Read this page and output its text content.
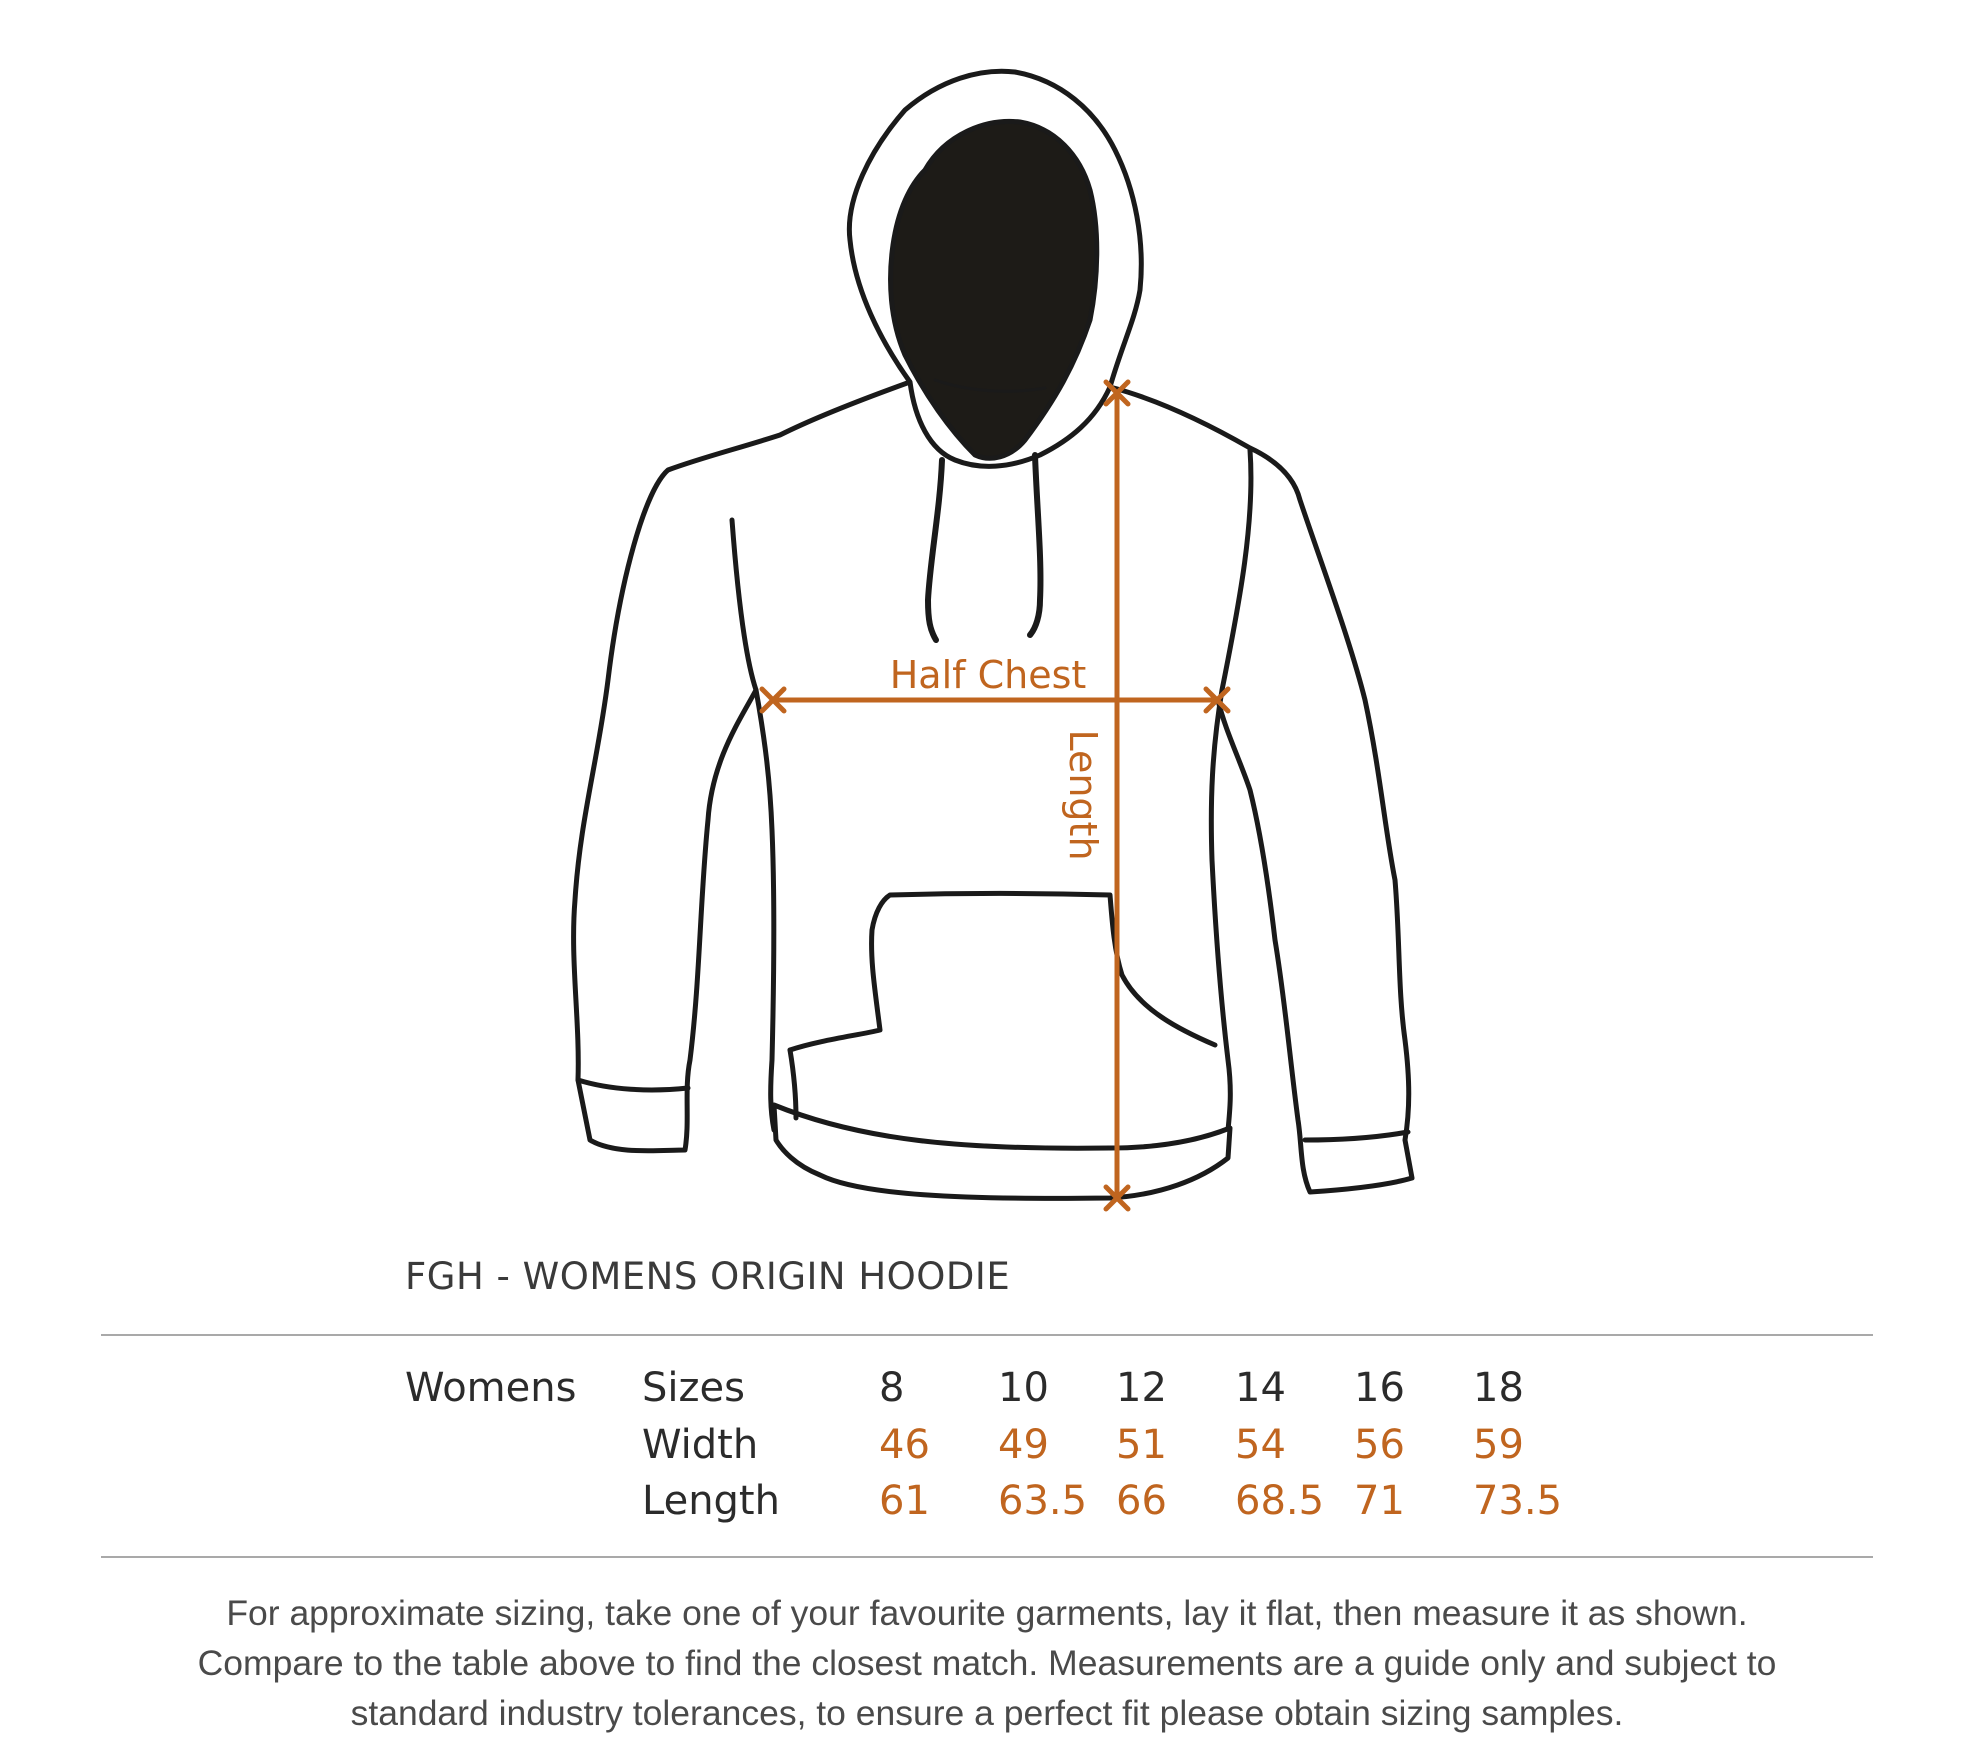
Half Chest
Length
FGH - WOMENS ORIGIN HOODIE
Womens Sizes	8 10 12 14 16 18
Width	46 49 51 54 56 59
Length 61 63.5 66 68.5 71 73.5
For approximate sizing, take one of your favourite garments, lay it flat, then measure it as shown.
Compare to the table above to find the closest match. Measurements are a guide only and subject to
standard industry tolerances, to ensure a perfect fit please obtain sizing samples.
